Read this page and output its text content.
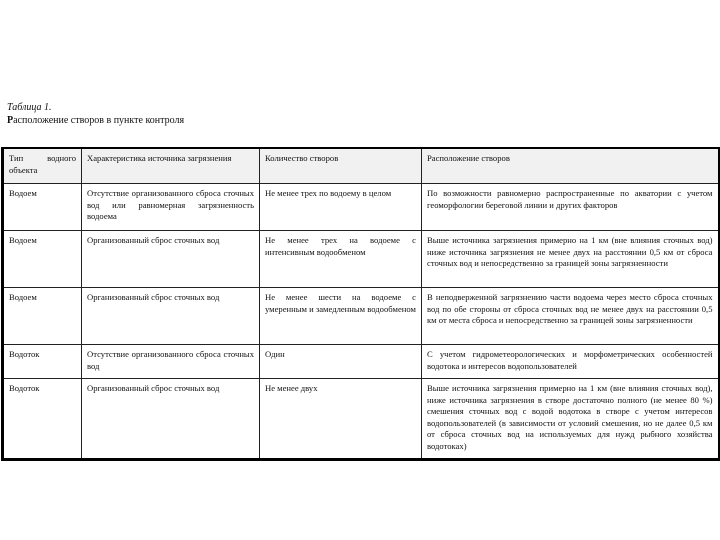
Таблица 1.
Расположение створов в пункте контроля
Тип водного объекта	Характеристика источника загрязнения	Количество створов	Расположение створов
Водоем	Отсутствие организованного сброса сточных вод или равномерная загрязненность водоема	Не менее трех по водоему в целом	По возможности равномерно распространенные по акватории с учетом геоморфологии береговой линии и других факторов
Водоем	Организованный сброс сточных вод	Не менее трех на водоеме с интенсивным водообменом	Выше источника загрязнения примерно на 1 км (вне влияния сточных вод) ниже источника загрязнения не менее двух на расстоянии 0,5 км от сброса сточных вод и непосредственно за границей зоны загрязненности
Водоем	Организованный сброс сточных вод	Не менее шести на водоеме с умеренным и замедленным водообменом	В неподверженной загрязнению части водоема через место сброса сточных вод по обе стороны от сброса сточных вод не менее двух на расстоянии 0,5 км от места сброса и непосредственно за границей зоны загрязненности
Водоток	Отсутствие организованного сброса сточных вод	Один	С учетом гидрометеорологических и морфометрических особенностей водотока и интересов водопользователей
Водоток	Организованный сброс сточных вод	Не менее двух	Выше источника загрязнения примерно на 1 км (вне влияния сточных вод), ниже источника загрязнения в створе достаточно полного (не менее 80 %) смешения сточных вод с водой водотока в створе с учетом интересов водопользователей (в зависимости от условий смешения, но не далее 0,5 км от сброса сточных вод на используемых для нужд рыбного хозяйства водотоках)
